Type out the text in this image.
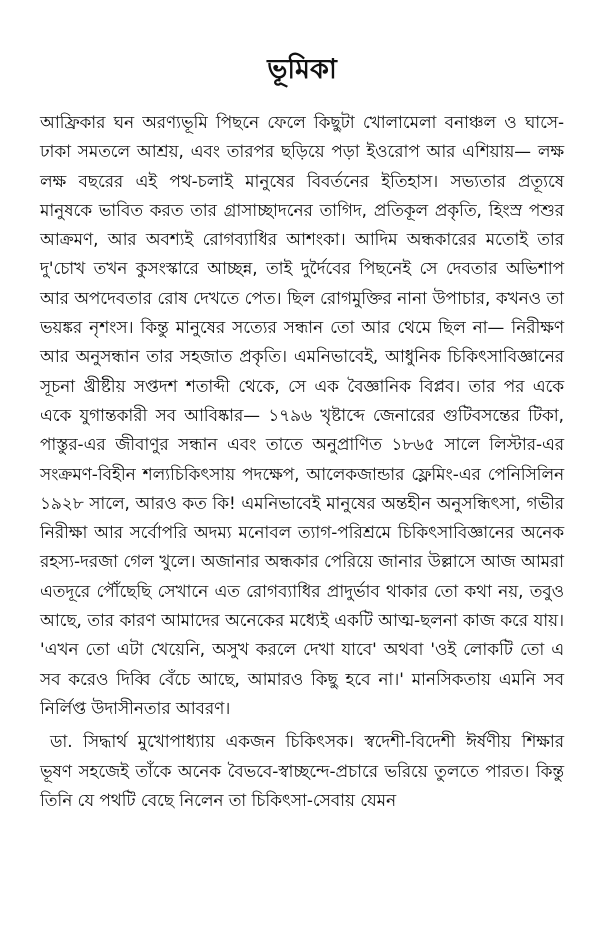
ভূমিকা

আফ্রিকার ঘন অরণ্যভূমি পিছনে ফেলে কিছুটা খোলামেলা বনাঞ্চল ও ঘাসে-ঢাকা সমতলে আশ্রয়, এবং তারপর ছড়িয়ে পড়া ইওরোপ আর এশিয়ায়— লক্ষ লক্ষ বছরের এই পথ-চলাই মানুষের বিবর্তনের ইতিহাস। সভ্যতার প্রত্যূষে মানুষকে ভাবিত করত তার গ্রাসাচ্ছাদনের তাগিদ, প্রতিকূল প্রকৃতি, হিংস্র পশুর আক্রমণ, আর অবশ্যই রোগব্যাধির আশংকা। আদিম অন্ধকারের মতোই তার দু'চোখ তখন কুসংস্কারে আচ্ছন্ন, তাই দুর্দৈবের পিছনেই সে দেবতার অভিশাপ আর অপদেবতার রোষ দেখতে পেত। ছিল রোগমুক্তির নানা উপাচার, কখনও তা ভয়ঙ্কর নৃশংস। কিন্তু মানুষের সত্যের সন্ধান তো আর থেমে ছিল না— নিরীক্ষণ আর অনুসন্ধান তার সহজাত প্রকৃতি। এমনিভাবেই, আধুনিক চিকিৎসাবিজ্ঞানের সূচনা খ্রীষ্টীয় সপ্তদশ শতাব্দী থেকে, সে এক বৈজ্ঞানিক বিপ্লব। তার পর একে একে যুগান্তকারী সব আবিষ্কার— ১৭৯৬ খৃষ্টাব্দে জেনারের গুটিবসন্তের টিকা, পাস্তুর-এর জীবাণুর সন্ধান এবং তাতে অনুপ্রাণিত ১৮৬৫ সালে লিস্টার-এর সংক্রমণ-বিহীন শল্যচিকিৎসায় পদক্ষেপ, আলেকজান্ডার ফ্লেমিং-এর পেনিসিলিন ১৯২৮ সালে, আরও কত কি! এমনিভাবেই মানুষের অন্তহীন অনুসন্ধিৎসা, গভীর নিরীক্ষা আর সর্বোপরি অদম্য মনোবল ত্যাগ-পরিশ্রমে চিকিৎসাবিজ্ঞানের অনেক রহস্য-দরজা গেল খুলে। অজানার অন্ধকার পেরিয়ে জানার উল্লাসে আজ আমরা এতদূরে পৌঁছেছি সেখানে এত রোগব্যাধির প্রাদুর্ভাব থাকার তো কথা নয়, তবুও আছে, তার কারণ আমাদের অনেকের মধ্যেই একটি আত্ম-ছলনা কাজ করে যায়। 'এখন তো এটা খেয়েনি, অসুখ করলে দেখা যাবে' অথবা 'ওই লোকটি তো এ সব করেও দিব্বি বেঁচে আছে, আমারও কিছু হবে না।' মানসিকতায় এমনি সব নির্লিপ্ত উদাসীনতার আবরণ।

ডা. সিদ্ধার্থ মুখোপাধ্যায় একজন চিকিৎসক। স্বদেশী-বিদেশী ঈর্ষণীয় শিক্ষার ভূষণ সহজেই তাঁকে অনেক বৈভবে-স্বাচ্ছন্দে-প্রচারে ভরিয়ে তুলতে পারত। কিন্তু তিনি যে পথটি বেছে নিলেন তা চিকিৎসা-সেবায় যেমন
